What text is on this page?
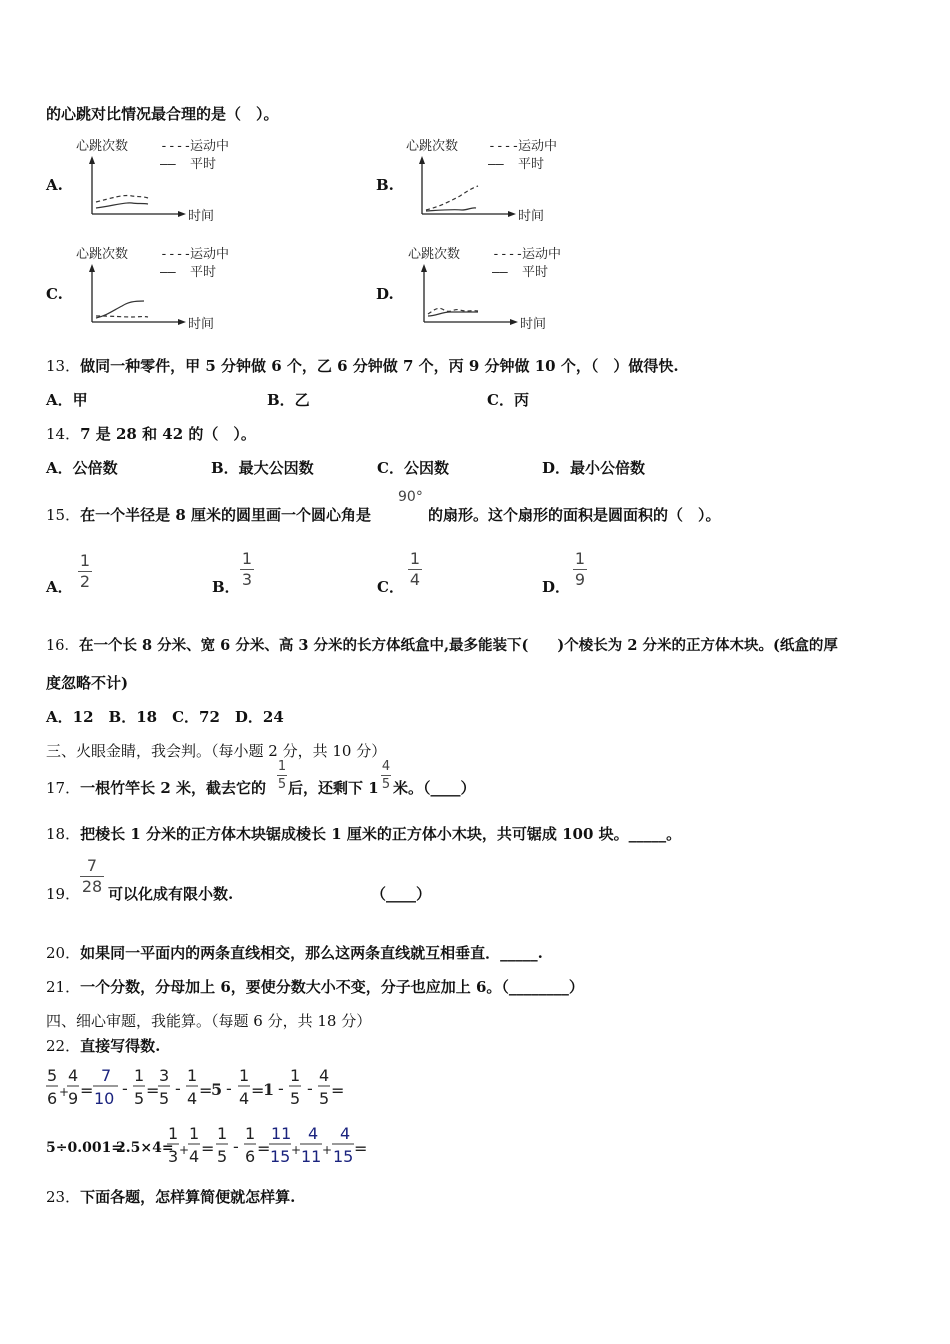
的心跳对比情况最合理的是（　）。
A.
心跳次数 ----
运动中
—— 平时
时间
B.
心跳次数 ----
运动中
—— 平时
时间
C.
心跳次数 ----
运动中
—— 平时
时间
D.
心跳次数 ----
运动中
—— 平时
时间
13．做同一种零件，甲 5 分钟做 6 个，乙 6 分钟做 7 个，丙 9 分钟做 10 个，（　）做得快.
A．甲	B．乙	C．丙
14．7 是 28 和 42 的（　）。
A．公倍数	B．最大公因数	C．公因数	D．最小公倍数
15．在一个半径是 8 厘米的圆里画一个圆心角是
90°
的扇形。这个扇形的面积是圆面积的（　）。
A．
1
2	B．
1
3	C．
1
4	D．
1
9
16．在一个长 8 分米、宽 6 分米、高 3 分米的长方体纸盒中,最多能装下(　　)个棱长为 2 分米的正方体木块。(纸盒的厚
度忽略不计)
A．12　B．18　C．72　D．24
三、火眼金睛，我会判。（每小题 2 分，共 10 分）
17．一根竹竿长 2 米，截去它的
1
5 后，还剩下 1
4
5 米。（____）
18．把棱长 1 分米的正方体木块锯成棱长 1 厘米的正方体小木块，共可锯成 100 块。_____。
19．
7
28 可以化成有限小数.	（____）
20．如果同一平面内的两条直线相交，那么这两条直线就互相垂直．_____.
21．一个分数，分母加上 6，要使分数大小不变，分子也应加上 6。（________）
四、细心审题，我能算。（每题 6 分，共 18 分）
22．直接写得数.
5
6 +
4
9 =
7
10
-
1
5 =
3
5
-
1
4 =
5 -
1
4 =
1 -
1
5
-
4
5 =
5÷0.001=
2.5×4=
1
3 +
1
4 =
1
5
-
1
6 =
11
15 +
4
11 +
4
15 =
23．下面各题，怎样算简便就怎样算.
